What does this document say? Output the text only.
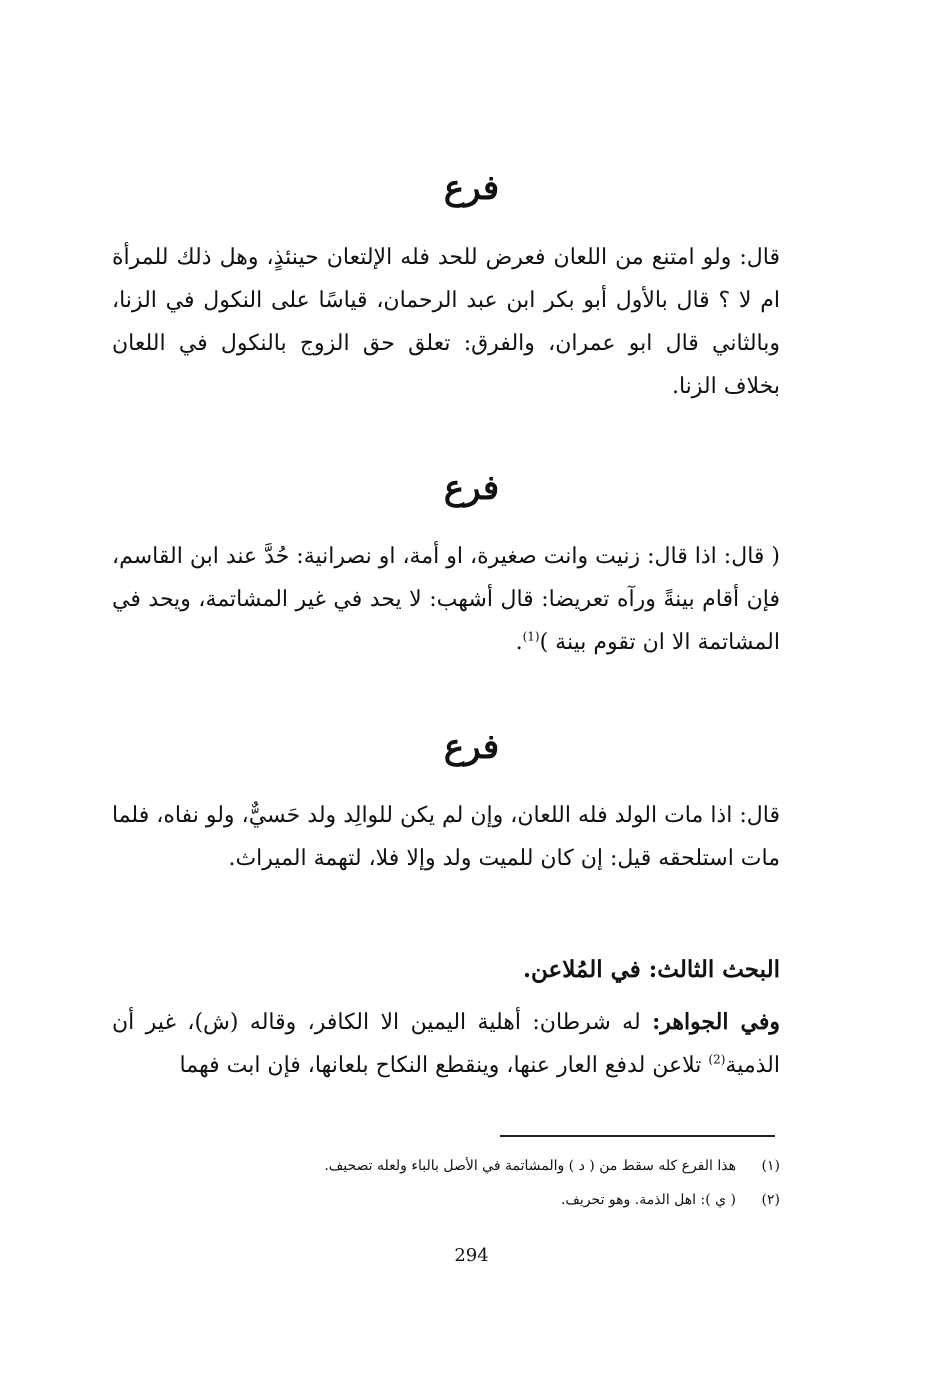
فرع
قال: ولو امتنع من اللعان فعرض للحد فله الإلتعان حينئذٍ، وهل ذلك للمرأة ام لا ؟ قال بالأول أبو بكر ابن عبد الرحمان، قياسًا على النكول في الزنا، وبالثاني قال ابو عمران، والفرق: تعلق حق الزوج بالنكول في اللعان بخلاف الزنا.
فرع
( قال: اذا قال: زنيت وانت صغيرة، او أمة، او نصرانية: حُدَّ عند ابن القاسم، فإن أقام بينةً ورآه تعريضا: قال أشهب: لا يحد في غير المشاتمة، ويحد في المشاتمة الا ان تقوم بينة )$^{(1)}$.
فرع
قال: اذا مات الولد فله اللعان، وإن لم يكن للوالِد ولد حَسيٌّ، ولو نفاه، فلما مات استلحقه قيل: إن كان للميت ولد وإلا فلا، لتهمة الميراث.
البحث الثالث: في المُلاعن.
وفي الجواهر: له شرطان: أهلية اليمين الا الكافر، وقاله (ش)، غير أن الذمية$^{(2)}$ تلاعن لدفع العار عنها، وينقطع النكاح بلعانها، فإن ابت فهما
(١)هذا الفرع كله سقط من ( د ) والمشاتمة في الأصل بالباء ولعله تصحيف.
(٢)( ي ): اهل الذمة. وهو تحريف.
294
